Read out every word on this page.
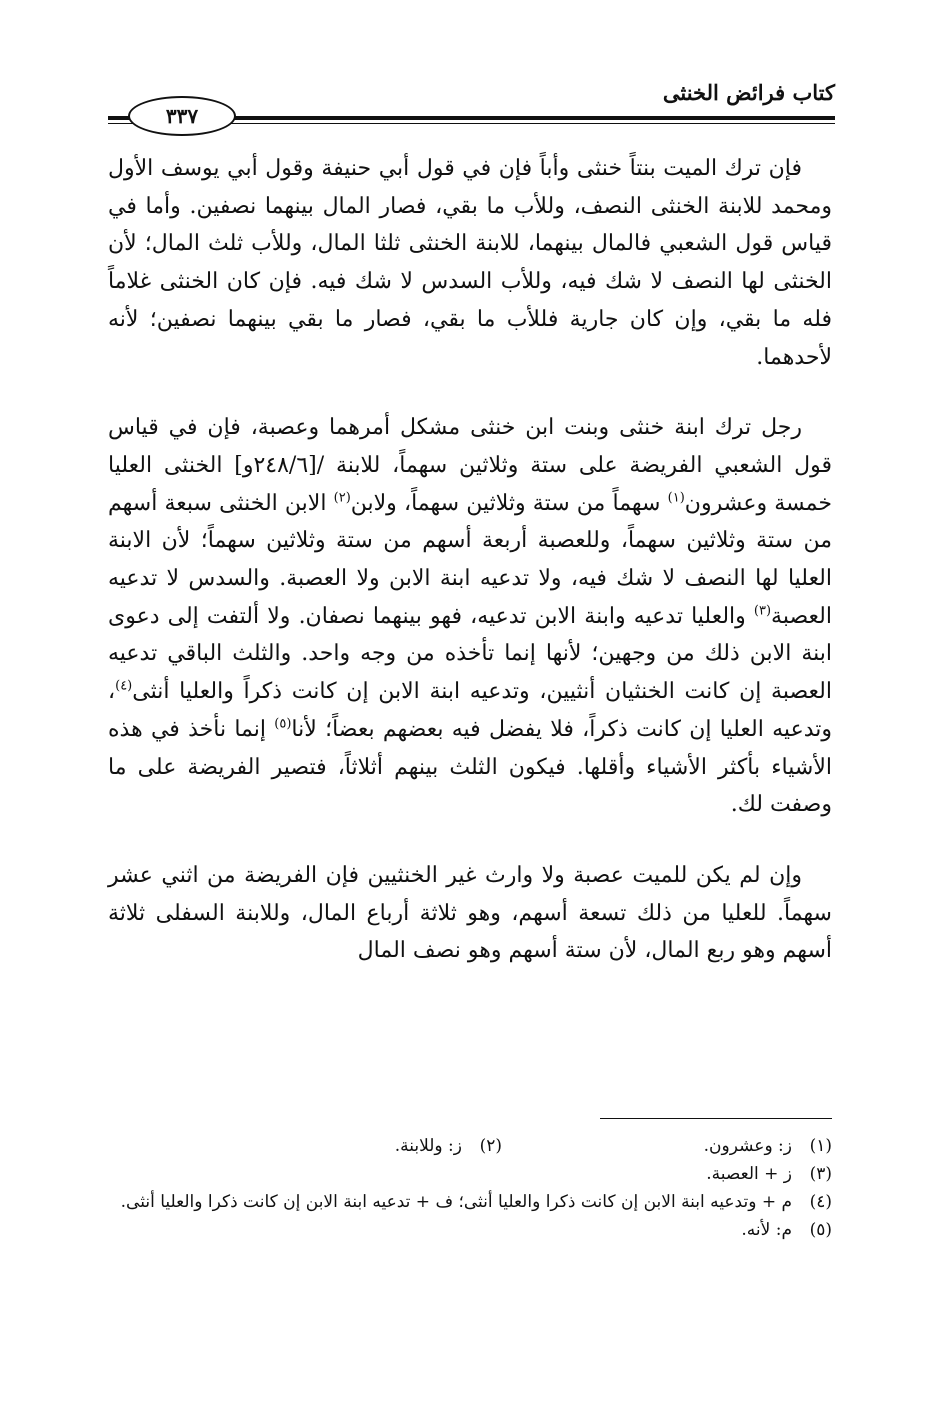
كتاب فرائض الخنثى
٣٣٧

فإن ترك الميت بنتاً خنثى وأباً فإن في قول أبي حنيفة وقول أبي يوسف الأول ومحمد للابنة الخنثى النصف، وللأب ما بقي، فصار المال بينهما نصفين. وأما في قياس قول الشعبي فالمال بينهما، للابنة الخنثى ثلثا المال، وللأب ثلث المال؛ لأن الخنثى لها النصف لا شك فيه، وللأب السدس لا شك فيه. فإن كان الخنثى غلاماً فله ما بقي، وإن كان جارية فللأب ما بقي، فصار ما بقي بينهما نصفين؛ لأنه لأحدهما.

رجل ترك ابنة خنثى وبنت ابن خنثى مشكل أمرهما وعصبة، فإن في قياس قول الشعبي الفريضة على ستة وثلاثين سهماً، للابنة /[٢٤٨/٦و] الخنثى العليا خمسة وعشرون$^{(١)}$ سهماً من ستة وثلاثين سهماً، ولابن$^{(٢)}$ الابن الخنثى سبعة أسهم من ستة وثلاثين سهماً، وللعصبة أربعة أسهم من ستة وثلاثين سهماً؛ لأن الابنة العليا لها النصف لا شك فيه، ولا تدعيه ابنة الابن ولا العصبة. والسدس لا تدعيه العصبة$^{(٣)}$ والعليا تدعيه وابنة الابن تدعيه، فهو بينهما نصفان. ولا ألتفت إلى دعوى ابنة الابن ذلك من وجهين؛ لأنها إنما تأخذه من وجه واحد. والثلث الباقي تدعيه العصبة إن كانت الخنثيان أنثيين، وتدعيه ابنة الابن إن كانت ذكراً والعليا أنثى$^{(٤)}$، وتدعيه العليا إن كانت ذكراً، فلا يفضل فيه بعضهم بعضاً؛ لأنا$^{(٥)}$ إنما نأخذ في هذه الأشياء بأكثر الأشياء وأقلها. فيكون الثلث بينهم أثلاثاً، فتصير الفريضة على ما وصفت لك.

وإن لم يكن للميت عصبة ولا وارث غير الخنثيين فإن الفريضة من اثني عشر سهماً. للعليا من ذلك تسعة أسهم، وهو ثلاثة أرباع المال، وللابنة السفلى ثلاثة أسهم وهو ربع المال، لأن ستة أسهم وهو نصف المال

(١)
ز: وعشرون.
(٢)
ز: وللابنة.
(٣)
ز + العصبة.
(٤)
م + وتدعيه ابنة الابن إن كانت ذكرا والعليا أنثى؛ ف + تدعيه ابنة الابن إن كانت ذكرا والعليا أنثى.
(٥)
م: لأنه.
